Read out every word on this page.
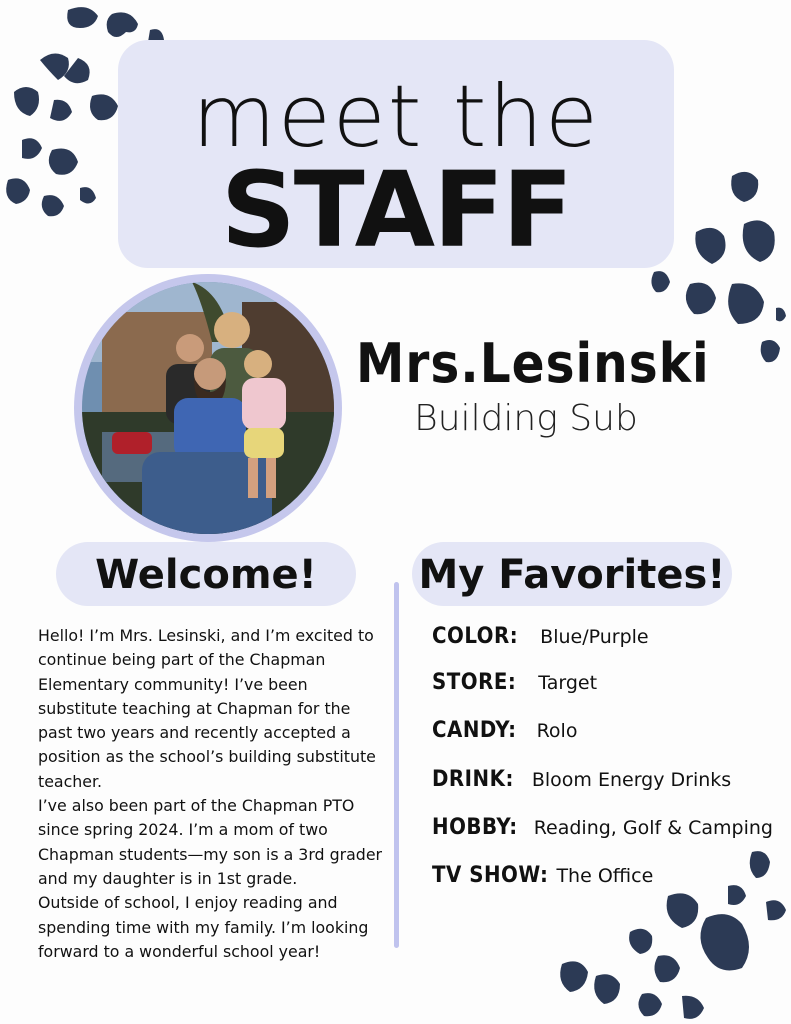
meet the
STAFF
Mrs.Lesinski
Building Sub
Welcome!	My Favorites!

Hello! I’m Mrs. Lesinski, and I’m excited to continue being part of the Chapman Elementary community! I’ve been substitute teaching at Chapman for the past two years and recently accepted a position as the school’s building substitute teacher.

I’ve also been part of the Chapman PTO since spring 2024. I’m a mom of two Chapman students—my son is a 3rd grader and my daughter is in 1st grade.

Outside of school, I enjoy reading and spending time with my family. I’m looking forward to a wonderful school year!

COLOR: Blue/Purple
STORE: Target
CANDY: Rolo
DRINK: Bloom Energy Drinks
HOBBY: Reading, Golf & Camping
TV SHOW: The Office
